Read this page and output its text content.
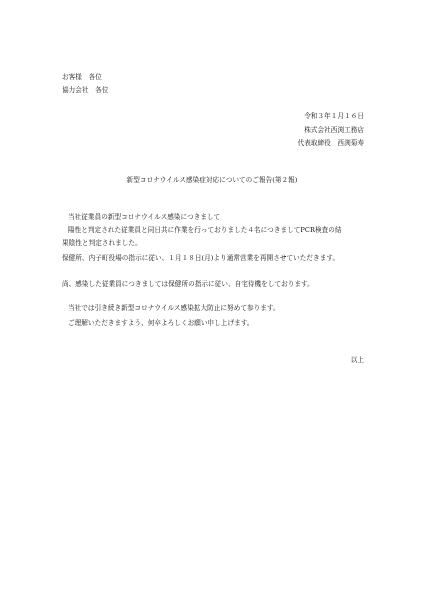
お客様　各位
協力会社　各位
令和３年１月１６日
株式会社西渕工務店
代表取締役　西渕菊寿
新型コロナウイルス感染症対応についてのご報告(第２報)
当社従業員の新型コロナウイルス感染につきまして
陽性と判定された従業員と同日共に作業を行っておりました４名につきましてPCR検査の結
果陰性と判定されました。
保健所、内子町役場の指示に従い、１月１８日(月)より通常営業を再開させていただきます。
尚、感染した従業員につきましては保健所の指示に従い、自宅待機をしております。
当社では引き続き新型コロナウイルス感染拡大防止に努めて参ります。
ご理解いただきますよう、何卒よろしくお願い申し上げます。
以上
